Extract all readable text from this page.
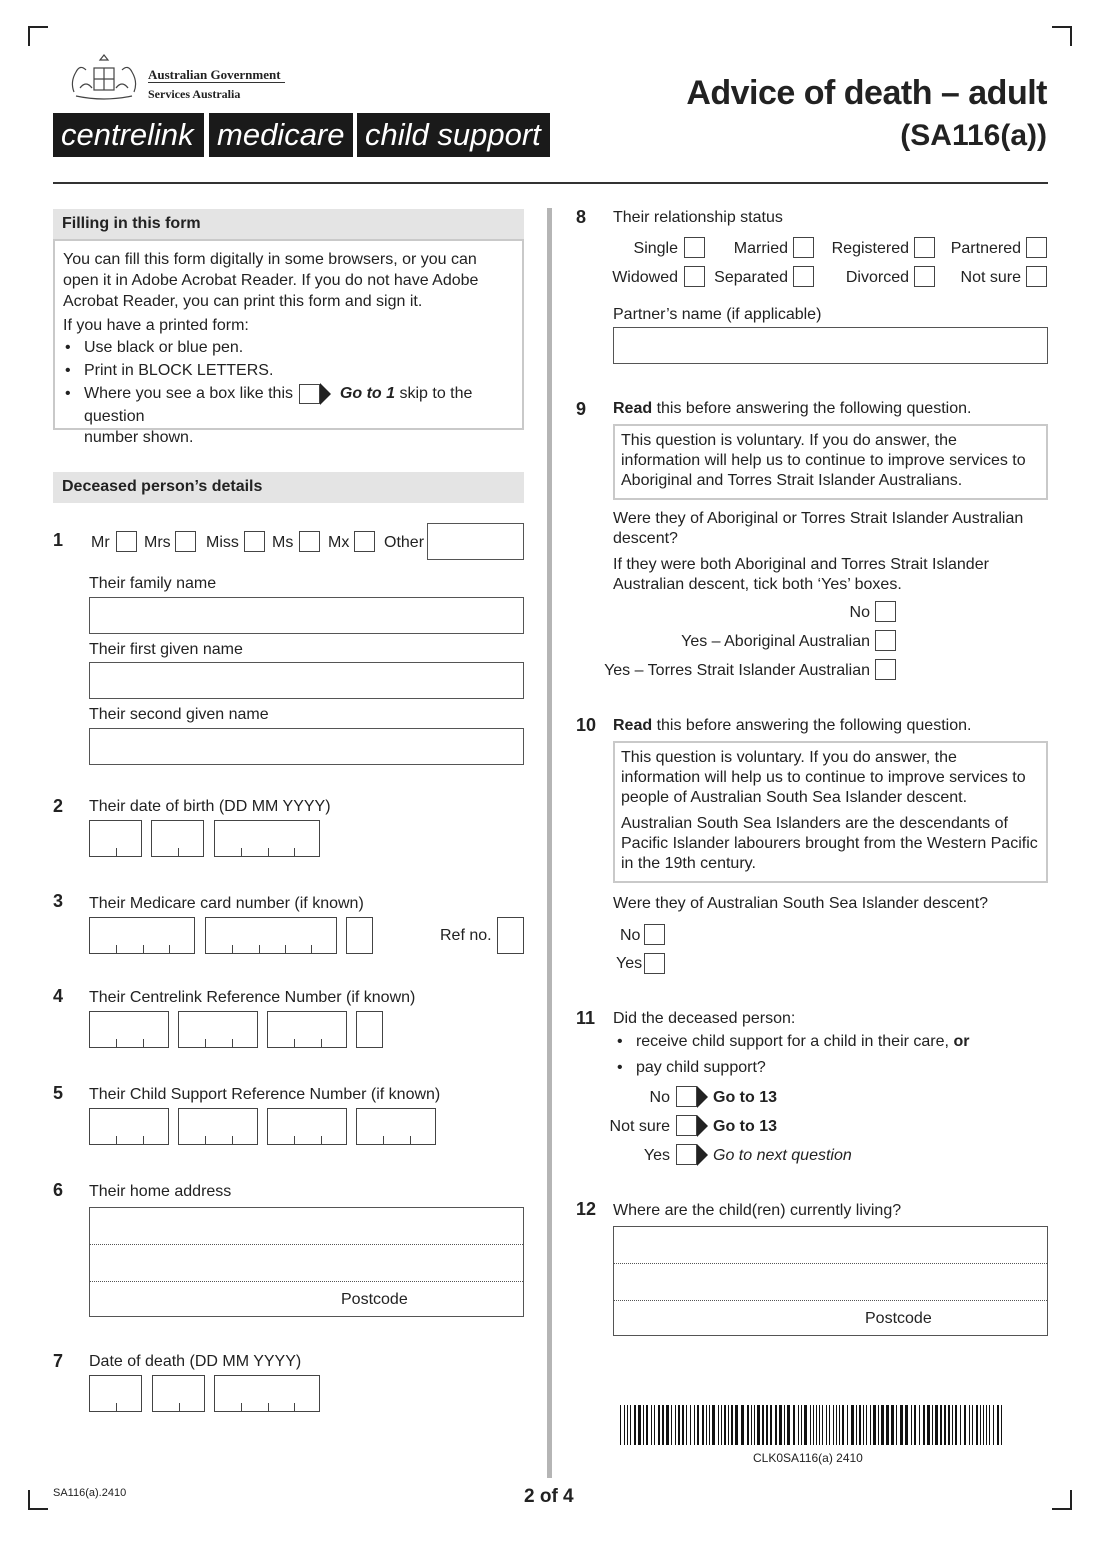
Australian Government
Services Australia
centrelink medicare child support
Advice of death – adult
(SA116(a))
Filling in this form
You can fill this form digitally in some browsers, or you can open it in Adobe Acrobat Reader. If you do not have Adobe Acrobat Reader, you can print this form and sign it.
If you have a printed form:
• Use black or blue pen.
• Print in BLOCK LETTERS.
• Where you see a box like this	Go to 1 skip to the question
number shown.
Deceased person’s details
1 Mr Mrs Miss Ms Mx Other
Their family name
Their first given name
Their second given name
2 Their date of birth (DD MM YYYY)
3 Their Medicare card number (if known)
Ref no.
4 Their Centrelink Reference Number (if known)
5 Their Child Support Reference Number (if known)
6 Their home address
Postcode
7 Date of death (DD MM YYYY)
8 Their relationship status
Single	Married	Registered	Partnered
Widowed Separated	Divorced	Not sure
Partner’s name (if applicable)
9 Read this before answering the following question.
This question is voluntary. If you do answer, the information will help us to continue to improve services to Aboriginal and Torres Strait Islander Australians.
Were they of Aboriginal or Torres Strait Islander Australian descent?
If they were both Aboriginal and Torres Strait Islander Australian descent, tick both ‘Yes’ boxes.
No
Yes – Aboriginal Australian
Yes – Torres Strait Islander Australian
10 Read this before answering the following question.
This question is voluntary. If you do answer, the information will help us to continue to improve services to people of Australian South Sea Islander descent.
Australian South Sea Islanders are the descendants of Pacific Islander labourers brought from the Western Pacific in the 19th century.
Were they of Australian South Sea Islander descent?
No
Yes
11 Did the deceased person:
•   receive child support for a child in their care, or
•   pay child support?
No	Go to 13
Not sure	Go to 13
Yes	Go to next question
12 Where are the child(ren) currently living?
Postcode
CLK0SA116(a) 2410
SA116(a).2410	2 of 4
